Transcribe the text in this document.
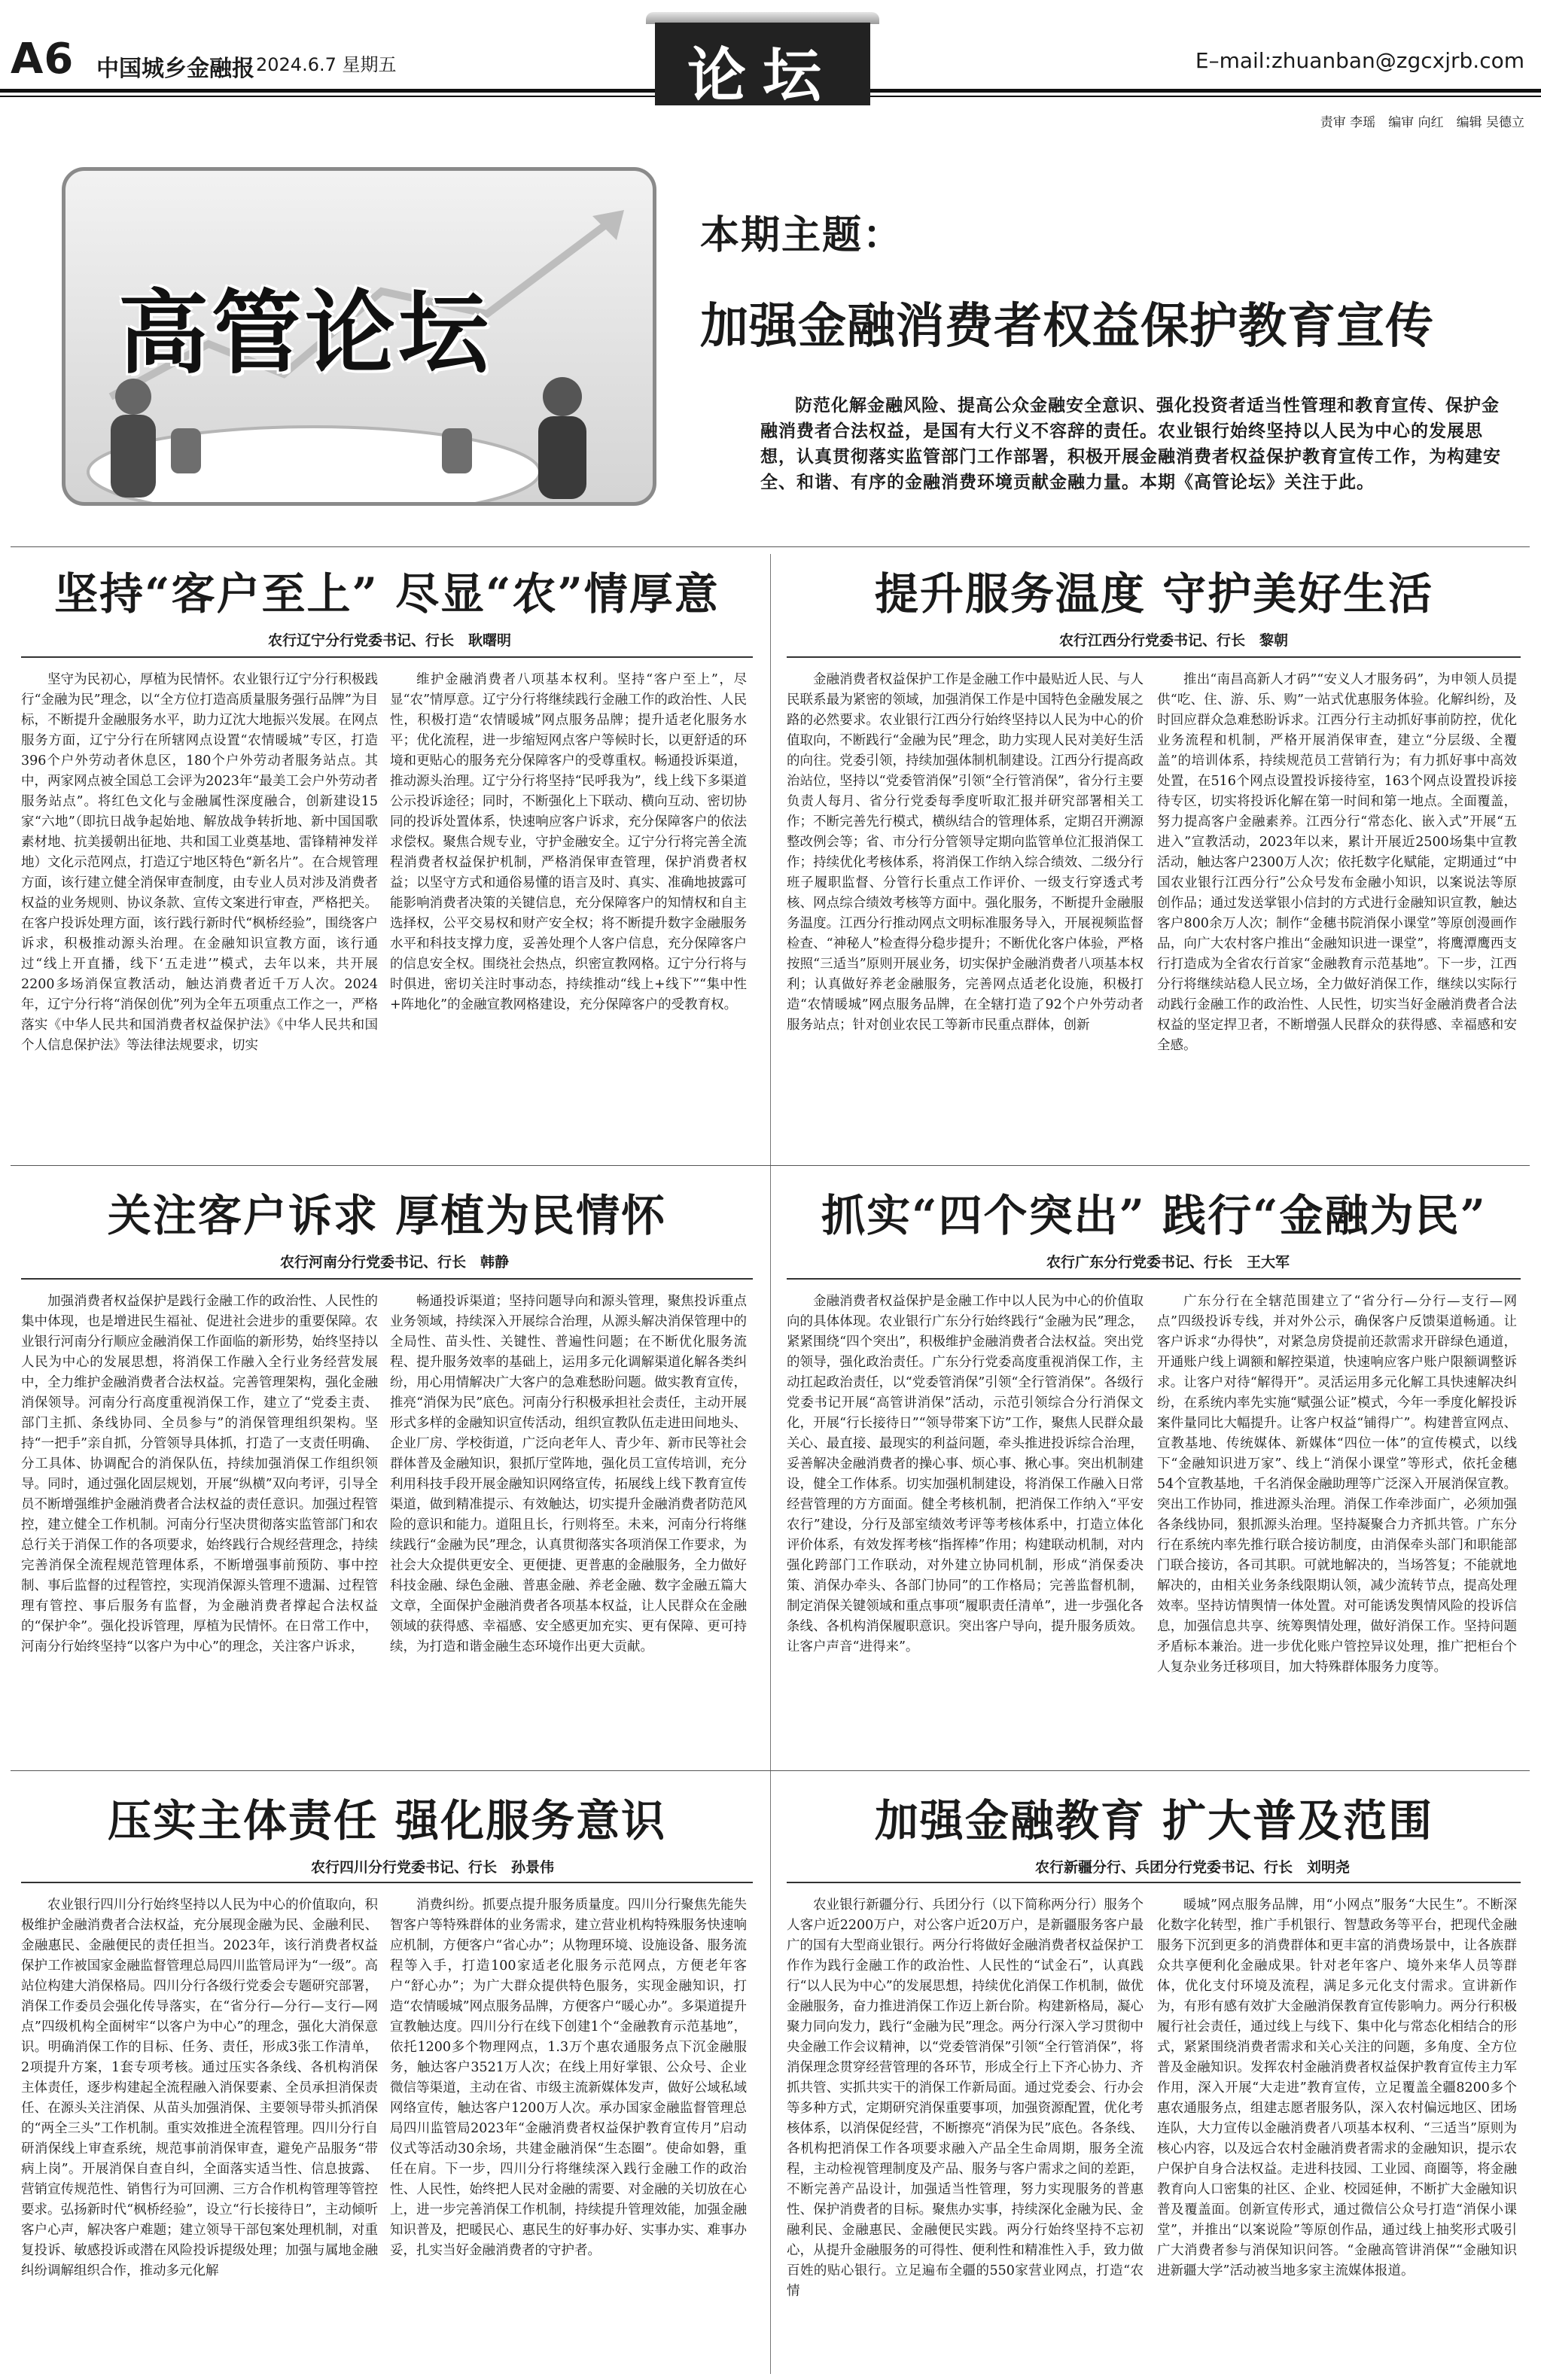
A6 中国城乡金融报 2024.6.7 星期五	E–mail:zhuanban@zgcxjrb.com
论坛
责审 李瑶　编审 向红　编辑 吴德立
高管论坛
本期主题：
加强金融消费者权益保护教育宣传
防范化解金融风险、提高公众金融安全意识、强化投资者适当性管理和教育宣传、保护金融消费者合法权益，是国有大行义不容辞的责任。农业银行始终坚持以人民为中心的发展思想，认真贯彻落实监管部门工作部署，积极开展金融消费者权益保护教育宣传工作，为构建安全、和谐、有序的金融消费环境贡献金融力量。本期《高管论坛》关注于此。
坚持“客户至上” 尽显“农”情厚意
农行辽宁分行党委书记、行长　耿曙明

坚守为民初心，厚植为民情怀。农业银行辽宁分行积极践行“金融为民”理念，以“全方位打造高质量服务强行品牌”为目标，不断提升金融服务水平，助力辽沈大地振兴发展。在网点服务方面，辽宁分行在所辖网点设置“农情暖城”专区，打造396个户外劳动者休息区，180个户外劳动者服务站点。其中，两家网点被全国总工会评为2023年“最美工会户外劳动者服务站点”。将红色文化与金融属性深度融合，创新建设15家“六地”（即抗日战争起始地、解放战争转折地、新中国国歌素材地、抗美援朝出征地、共和国工业奠基地、雷锋精神发祥地）文化示范网点，打造辽宁地区特色“新名片”。在合规管理方面，该行建立健全消保审查制度，由专业人员对涉及消费者权益的业务规则、协议条款、宣传文案进行审查，严格把关。在客户投诉处理方面，该行践行新时代“枫桥经验”，围绕客户诉求，积极推动源头治理。在金融知识宣教方面，该行通过“线上开直播，线下‘五走进’”模式，去年以来，共开展2200多场消保宣教活动，触达消费者近千万人次。2024年，辽宁分行将“消保创优”列为全年五项重点工作之一，严格落实《中华人民共和国消费者权益保护法》《中华人民共和国个人信息保护法》等法律法规要求，切实

维护金融消费者八项基本权利。坚持“客户至上”，尽显“农”情厚意。辽宁分行将继续践行金融工作的政治性、人民性，积极打造“农情暖城”网点服务品牌；提升适老化服务水平；优化流程，进一步缩短网点客户等候时长，以更舒适的环境和更贴心的服务充分保障客户的受尊重权。畅通投诉渠道，推动源头治理。辽宁分行将坚持“民呼我为”，线上线下多渠道公示投诉途径；同时，不断强化上下联动、横向互动、密切协同的投诉处置体系，快速响应客户诉求，充分保障客户的依法求偿权。聚焦合规专业，守护金融安全。辽宁分行将完善全流程消费者权益保护机制，严格消保审查管理，保护消费者权益；以坚守方式和通俗易懂的语言及时、真实、准确地披露可能影响消费者决策的关键信息，充分保障客户的知情权和自主选择权，公平交易权和财产安全权；将不断提升数字金融服务水平和科技支撑力度，妥善处理个人客户信息，充分保障客户的信息安全权。围绕社会热点，织密宣教网格。辽宁分行将与时俱进，密切关注时事动态，持续推动“线上+线下”“集中性+阵地化”的金融宣教网格建设，充分保障客户的受教育权。

提升服务温度 守护美好生活
农行江西分行党委书记、行长　黎朝

金融消费者权益保护工作是金融工作中最贴近人民、与人民联系最为紧密的领域，加强消保工作是中国特色金融发展之路的必然要求。农业银行江西分行始终坚持以人民为中心的价值取向，不断践行“金融为民”理念，助力实现人民对美好生活的向往。党委引领，持续加强体制机制建设。江西分行提高政治站位，坚持以“党委管消保”引领“全行管消保”，省分行主要负责人每月、省分行党委每季度听取汇报并研究部署相关工作；不断完善先行模式，横纵结合的管理体系，定期召开溯源整改例会等；省、市分行分管领导定期向监管单位汇报消保工作；持续优化考核体系，将消保工作纳入综合绩效、二级分行班子履职监督、分管行长重点工作评价、一级支行穿透式考核、网点综合绩效考核等方面中。强化服务，不断提升金融服务温度。江西分行推动网点文明标准服务导入，开展视频监督检查、“神秘人”检查得分稳步提升；不断优化客户体验，严格按照“三适当”原则开展业务，切实保护金融消费者八项基本权利；认真做好养老金融服务，完善网点适老化设施，积极打造“农情暖城”网点服务品牌，在全辖打造了92个户外劳动者服务站点；针对创业农民工等新市民重点群体，创新

推出“南昌高新人才码”“安义人才服务码”，为申领人员提供“吃、住、游、乐、购”一站式优惠服务体验。化解纠纷，及时回应群众急难愁盼诉求。江西分行主动抓好事前防控，优化业务流程和机制，严格开展消保审查，建立“分层级、全覆盖”的培训体系，持续规范员工营销行为；有力抓好事中高效处置，在516个网点设置投诉接待室，163个网点设置投诉接待专区，切实将投诉化解在第一时间和第一地点。全面覆盖，努力提高客户金融素养。江西分行“常态化、嵌入式”开展“五进入”宣教活动，2023年以来，累计开展近2500场集中宣教活动，触达客户2300万人次；依托数字化赋能，定期通过“中国农业银行江西分行”公众号发布金融小知识，以案说法等原创作品；通过发送掌银小信封的方式进行金融知识宣教，触达客户800余万人次；制作“金穗书院消保小课堂”等原创漫画作品，向广大农村客户推出“金融知识进一课堂”，将鹰潭鹰西支行打造成为全省农行首家“金融教育示范基地”。下一步，江西分行将继续站稳人民立场，全力做好消保工作，继续以实际行动践行金融工作的政治性、人民性，切实当好金融消费者合法权益的坚定捍卫者，不断增强人民群众的获得感、幸福感和安全感。

关注客户诉求 厚植为民情怀
农行河南分行党委书记、行长　韩静

加强消费者权益保护是践行金融工作的政治性、人民性的集中体现，也是增进民生福祉、促进社会进步的重要保障。农业银行河南分行顺应金融消保工作面临的新形势，始终坚持以人民为中心的发展思想，将消保工作融入全行业务经营发展中，全力维护金融消费者合法权益。完善管理架构，强化金融消保领导。河南分行高度重视消保工作，建立了“党委主责、部门主抓、条线协同、全员参与”的消保管理组织架构。坚持“一把手”亲自抓，分管领导具体抓，打造了一支责任明确、分工具体、协调配合的消保队伍，持续加强消保工作组织领导。同时，通过强化固层规划，开展“纵横”双向考评，引导全员不断增强维护金融消费者合法权益的责任意识。加强过程管控，建立健全工作机制。河南分行坚决贯彻落实监管部门和农总行关于消保工作的各项要求，始终践行合规经营理念，持续完善消保全流程规范管理体系，不断增强事前预防、事中控制、事后监督的过程管控，实现消保源头管理不遗漏、过程管理有管控、事后服务有监督，为金融消费者撑起合法权益的“保护伞”。强化投诉管理，厚植为民情怀。在日常工作中，河南分行始终坚持“以客户为中心”的理念，关注客户诉求，

畅通投诉渠道；坚持问题导向和源头管理，聚焦投诉重点业务领域，持续深入开展综合治理，从源头解决消保管理中的全局性、苗头性、关键性、普遍性问题；在不断优化服务流程、提升服务效率的基础上，运用多元化调解渠道化解各类纠纷，用心用情解决广大客户的急难愁盼问题。做实教育宣传，推亮“消保为民”底色。河南分行积极承担社会责任，主动开展形式多样的金融知识宣传活动，组织宣教队伍走进田间地头、企业厂房、学校街道，广泛向老年人、青少年、新市民等社会群体普及金融知识，狠抓厅堂阵地，强化员工宣传培训，充分利用科技手段开展金融知识网络宣传，拓展线上线下教育宣传渠道，做到精准提示、有效触达，切实提升金融消费者防范风险的意识和能力。道阻且长，行则将至。未来，河南分行将继续践行“金融为民”理念，认真贯彻落实各项消保工作要求，为社会大众提供更安全、更便捷、更普惠的金融服务，全力做好科技金融、绿色金融、普惠金融、养老金融、数字金融五篇大文章，全面保护金融消费者各项基本权益，让人民群众在金融领域的获得感、幸福感、安全感更加充实、更有保障、更可持续，为打造和谐金融生态环境作出更大贡献。

抓实“四个突出” 践行“金融为民”
农行广东分行党委书记、行长　王大军

金融消费者权益保护是金融工作中以人民为中心的价值取向的具体体现。农业银行广东分行始终践行“金融为民”理念，紧紧围绕“四个突出”，积极维护金融消费者合法权益。突出党的领导，强化政治责任。广东分行党委高度重视消保工作，主动扛起政治责任，以“党委管消保”引领“全行管消保”。各级行党委书记开展“高管讲消保”活动，示范引领综合分行消保文化，开展“行长接待日”“领导带案下访”工作，聚焦人民群众最关心、最直接、最现实的利益问题，牵头推进投诉综合治理，妥善解决金融消费者的操心事、烦心事、揪心事。突出机制建设，健全工作体系。切实加强机制建设，将消保工作融入日常经营管理的方方面面。健全考核机制，把消保工作纳入“平安农行”建设，分行及部室绩效考评等考核体系中，打造立体化评价体系，有效发挥考核“指挥棒”作用；构建联动机制，对内强化跨部门工作联动，对外建立协同机制，形成“消保委决策、消保办牵头、各部门协同”的工作格局；完善监督机制，制定消保关键领域和重点事项“履职责任清单”，进一步强化各条线、各机构消保履职意识。突出客户导向，提升服务质效。让客户声音“进得来”。

广东分行在全辖范围建立了“省分行—分行—支行—网点”四级投诉专线，并对外公示，确保客户反馈渠道畅通。让客户诉求“办得快”，对紧急房贷提前还款需求开辟绿色通道，开通账户线上调额和解控渠道，快速响应客户账户限额调整诉求。让客户对待“解得开”。灵活运用多元化解工具快速解决纠纷，在系统内率先实施“赋强公证”模式，今年一季度化解投诉案件量同比大幅提升。让客户权益“铺得广”。构建普宣网点、宣教基地、传统媒体、新媒体“四位一体”的宣传模式，以线下“金融知识进万家”、线上“消保小课堂”等形式，依托金穗54个宣教基地，千名消保金融助理等广泛深入开展消保宣教。突出工作协同，推进源头治理。消保工作牵涉面广，必须加强各条线协同，狠抓源头治理。坚持凝聚合力齐抓共管。广东分行在系统内率先推行联合接访制度，由消保牵头部门和职能部门联合接访，各司其职。可就地解决的，当场答复；不能就地解决的，由相关业务条线限期认领，减少流转节点，提高处理效率。坚持访情舆情一体处置。对可能诱发舆情风险的投诉信息，加强信息共享、统筹舆情处理，做好消保工作。坚持问题矛盾标本兼治。进一步优化账户管控异议处理，推广把柜台个人复杂业务迁移项目，加大特殊群体服务力度等。

压实主体责任 强化服务意识
农行四川分行党委书记、行长　孙景伟

农业银行四川分行始终坚持以人民为中心的价值取向，积极维护金融消费者合法权益，充分展现金融为民、金融利民、金融惠民、金融便民的责任担当。2023年，该行消费者权益保护工作被国家金融监督管理总局四川监管局评为“一级”。高站位构建大消保格局。四川分行各级行党委会专题研究部署，消保工作委员会强化传导落实，在“省分行—分行—支行—网点”四级机构全面树牢“以客户为中心”的理念，强化大消保意识。明确消保工作的目标、任务、责任，形成3张工作清单，2项提升方案，1套专项考核。通过压实各条线、各机构消保主体责任，逐步构建起全流程融入消保要素、全员承担消保责任、在源头关注消保、从苗头加强消保、主要领导带头抓消保的“两全三头”工作机制。重实效推进全流程管理。四川分行自研消保线上审查系统，规范事前消保审查，避免产品服务“带病上岗”。开展消保自查自纠，全面落实适当性、信息披露、营销宣传规范性、销售行为可回溯、三方合作机构管理等管控要求。弘扬新时代“枫桥经验”，设立“行长接待日”，主动倾听客户心声，解决客户难题；建立领导干部包案处理机制，对重复投诉、敏感投诉或潜在风险投诉提级处理；加强与属地金融纠纷调解组织合作，推动多元化解

消费纠纷。抓要点提升服务质量度。四川分行聚焦先能失智客户等特殊群体的业务需求，建立营业机构特殊服务快速响应机制，方便客户“省心办”；从物理环境、设施设备、服务流程等入手，打造100家适老化服务示范网点，方便老年客户“舒心办”；为广大群众提供特色服务，实现金融知识，打造“农情暖城”网点服务品牌，方便客户“暖心办”。多渠道提升宣教触达度。四川分行在线下创建1个“金融教育示范基地”，依托1200多个物理网点，1.3万个惠农通服务点下沉金融服务，触达客户3521万人次；在线上用好掌银、公众号、企业微信等渠道，主动在省、市级主流新媒体发声，做好公域私域网络宣传，触达客户1200万人次。承办国家金融监督管理总局四川监管局2023年“金融消费者权益保护教育宣传月”启动仪式等活动30余场，共建金融消保“生态圈”。使命如磐，重任在肩。下一步，四川分行将继续深入践行金融工作的政治性、人民性，始终把人民对金融的需要、对金融的关切放在心上，进一步完善消保工作机制，持续提升管理效能，加强金融知识普及，把暖民心、惠民生的好事办好、实事办实、难事办妥，扎实当好金融消费者的守护者。

加强金融教育 扩大普及范围
农行新疆分行、兵团分行党委书记、行长　刘明尧

农业银行新疆分行、兵团分行（以下简称两分行）服务个人客户近2200万户，对公客户近20万户，是新疆服务客户最广的国有大型商业银行。两分行将做好金融消费者权益保护工作作为践行金融工作的政治性、人民性的“试金石”，认真践行“以人民为中心”的发展思想，持续优化消保工作机制，做优金融服务，奋力推进消保工作迈上新台阶。构建新格局，凝心聚力同向发力，践行“金融为民”理念。两分行深入学习贯彻中央金融工作会议精神，以“党委管消保”引领“全行管消保”，将消保理念贯穿经营管理的各环节，形成全行上下齐心协力、齐抓共管、实抓共实干的消保工作新局面。通过党委会、行办会等多种方式，定期研究消保重要事项，加强资源配置，优化考核体系，以消保促经营，不断擦亮“消保为民”底色。各条线、各机构把消保工作各项要求融入产品全生命周期，服务全流程，主动检视管理制度及产品、服务与客户需求之间的差距，不断完善产品设计，加强适当性管理，努力实现服务的普惠性、保护消费者的目标。聚焦办实事，持续深化金融为民、金融利民、金融惠民、金融便民实践。两分行始终坚持不忘初心，从提升金融服务的可得性、便利性和精准性入手，致力做百姓的贴心银行。立足遍布全疆的550家营业网点，打造“农情

暖城”网点服务品牌，用“小网点”服务“大民生”。不断深化数字化转型，推广手机银行、智慧政务等平台，把现代金融服务下沉到更多的消费群体和更丰富的消费场景中，让各族群众共享便利化金融成果。针对老年客户、境外来华人员等群体，优化支付环境及流程，满足多元化支付需求。宣讲新作为，有形有感有效扩大金融消保教育宣传影响力。两分行积极履行社会责任，通过线上与线下、集中化与常态化相结合的形式，紧紧围绕消费者需求和关心关注的问题，多角度、全方位普及金融知识。发挥农村金融消费者权益保护教育宣传主力军作用，深入开展“大走进”教育宣传，立足覆盖全疆8200多个惠农通服务点，组建志愿者服务队，深入农村偏远地区、团场连队，大力宣传以金融消费者八项基本权利、“三适当”原则为核心内容，以及远合农村金融消费者需求的金融知识，提示农户保护自身合法权益。走进科技园、工业园、商圈等，将金融教育向人口密集的社区、企业、校园延伸，不断扩大金融知识普及覆盖面。创新宣传形式，通过微信公众号打造“消保小课堂”，并推出“以案说险”等原创作品，通过线上抽奖形式吸引广大消费者参与消保知识问答。“金融高管讲消保”“金融知识进新疆大学”活动被当地多家主流媒体报道。
